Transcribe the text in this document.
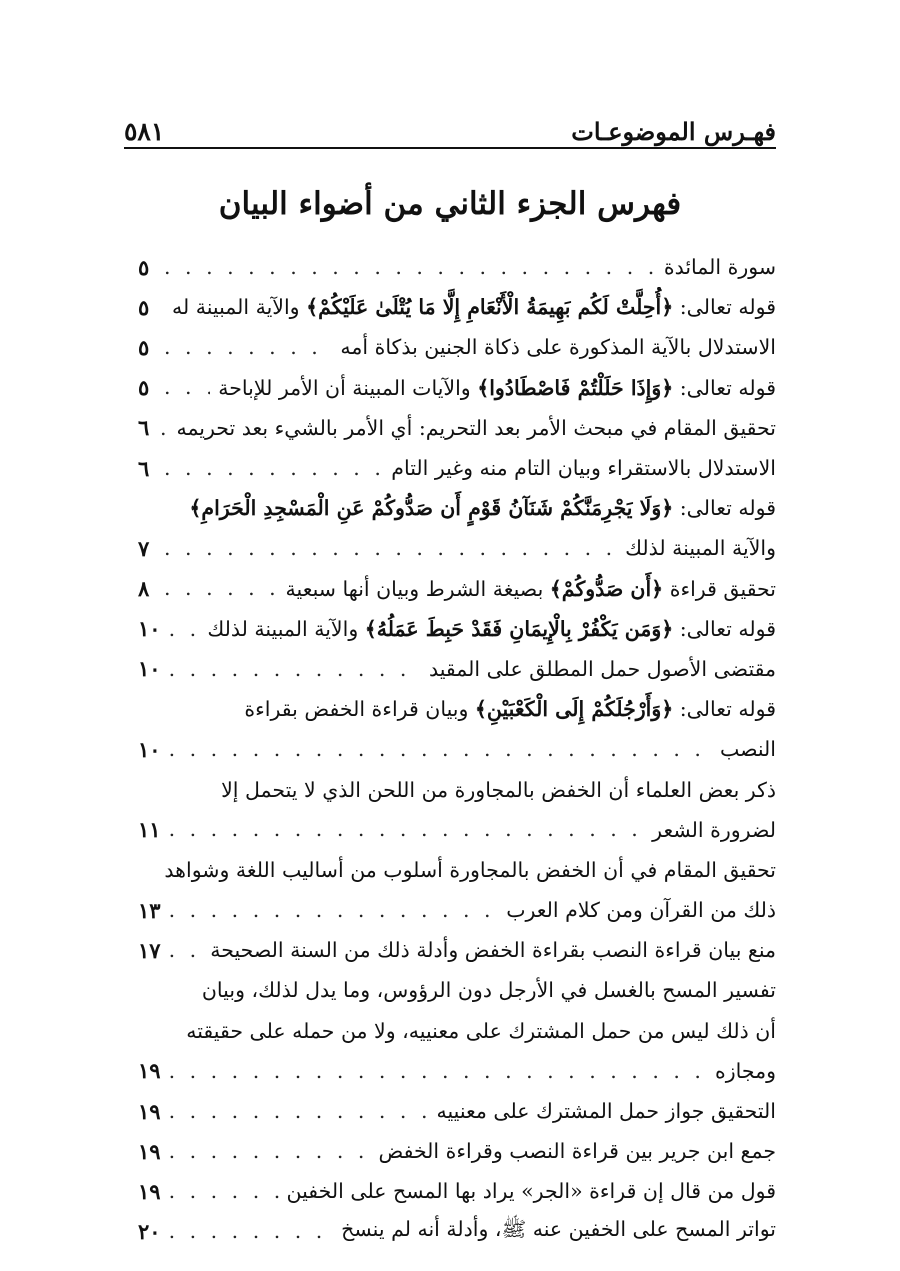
فهـرس الموضوعـات
٥٨١
فهرس الجزء الثاني من أضواء البيان
سورة المائدة
. . .
٥
قوله تعالى: ﴿أُحِلَّتْ لَكُم بَهِيمَةُ الْأَنْعَامِ إِلَّا مَا يُتْلَىٰ عَلَيْكُمْ﴾ والآية المبينة له
٥
الاستدلال بالآية المذكورة على ذكاة الجنين بذكاة أمه
. . .
٥
قوله تعالى: ﴿وَإِذَا حَلَلْتُمْ فَاصْطَادُوا﴾ والآيات المبينة أن الأمر للإباحة
. . .
٥
تحقيق المقام في مبحث الأمر بعد التحريم: أي الأمر بالشيء بعد تحريمه
. . .
٦
الاستدلال بالاستقراء وبيان التام منه وغير التام
. . .
٦
قوله تعالى: ﴿وَلَا يَجْرِمَنَّكُمْ شَنَآنُ قَوْمٍ أَن صَدُّوكُمْ عَنِ الْمَسْجِدِ الْحَرَامِ﴾
والآية المبينة لذلك
. . .
٧
تحقيق قراءة ﴿أَن صَدُّوكُمْ﴾ بصيغة الشرط وبيان أنها سبعية
. . .
٨
قوله تعالى: ﴿وَمَن يَكْفُرْ بِالْإِيمَانِ فَقَدْ حَبِطَ عَمَلُهُ﴾ والآية المبينة لذلك
. . .
١٠
مقتضى الأصول حمل المطلق على المقيد
. . .
١٠
قوله تعالى: ﴿وَأَرْجُلَكُمْ إِلَى الْكَعْبَيْنِ﴾ وبيان قراءة الخفض بقراءة
النصب
. . .
١٠
ذكر بعض العلماء أن الخفض بالمجاورة من اللحن الذي لا يتحمل إلا
لضرورة الشعر
. . .
١١
تحقيق المقام في أن الخفض بالمجاورة أسلوب من أساليب اللغة وشواهد
ذلك من القرآن ومن كلام العرب
. . .
١٣
منع بيان قراءة النصب بقراءة الخفض وأدلة ذلك من السنة الصحيحة
. . .
١٧
تفسير المسح بالغسل في الأرجل دون الرؤوس، وما يدل لذلك، وبيان
أن ذلك ليس من حمل المشترك على معنييه، ولا من حمله على حقيقته
ومجازه
. . .
١٩
التحقيق جواز حمل المشترك على معنييه
. . .
١٩
جمع ابن جرير بين قراءة النصب وقراءة الخفض
. . .
١٩
قول من قال إن قراءة «الجر» يراد بها المسح على الخفين
. . .
١٩
تواتر المسح على الخفين عنه ﷺ، وأدلة أنه لم ينسخ
. . .
٢٠
